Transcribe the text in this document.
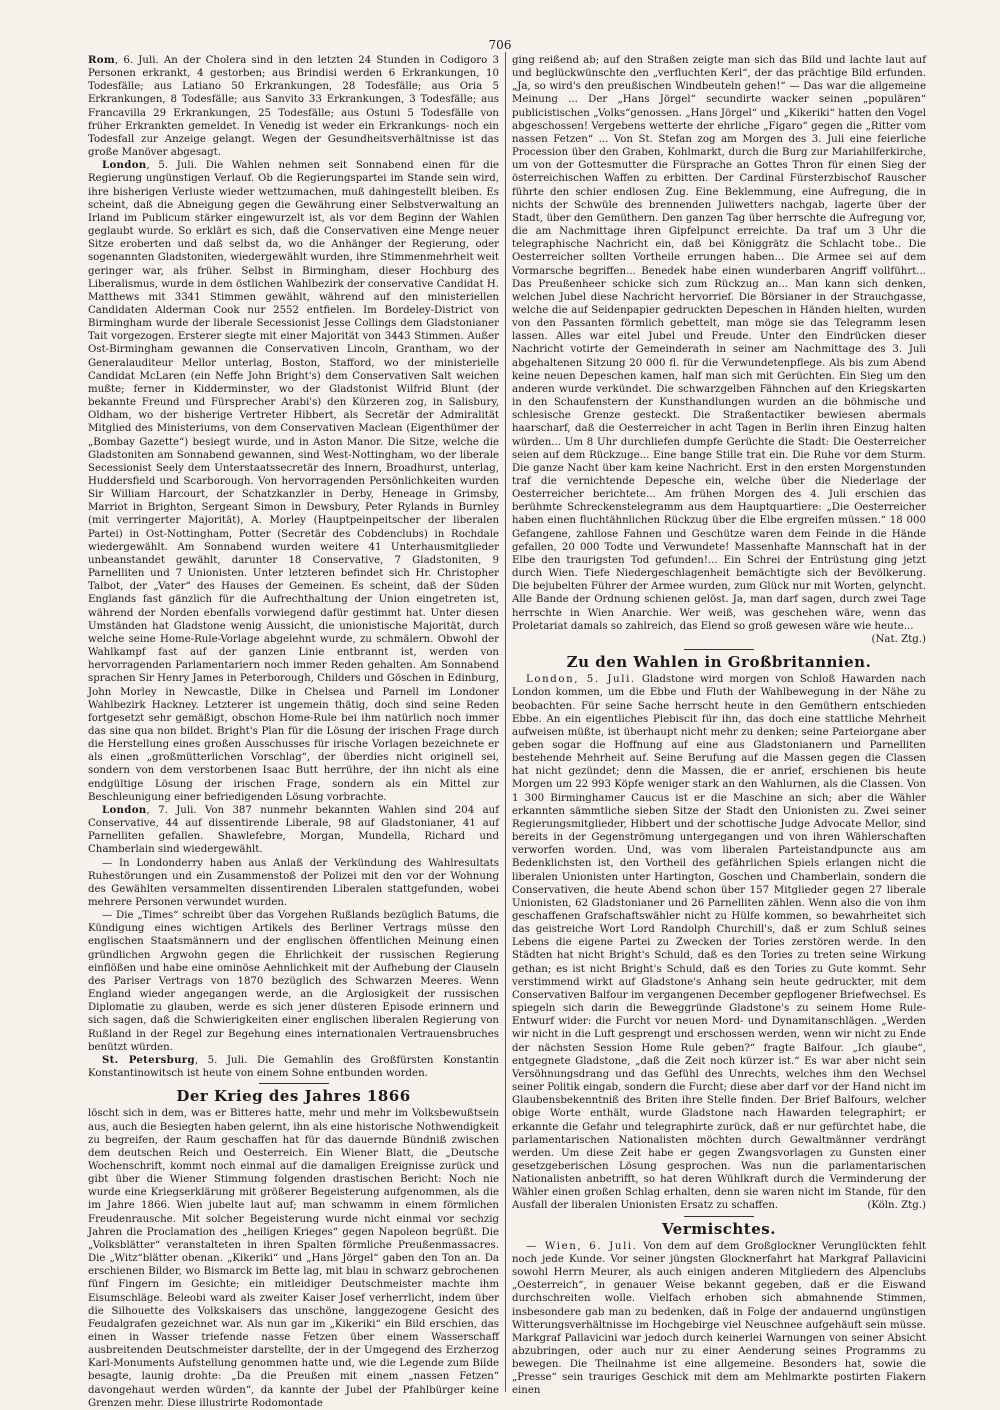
706

Rom, 6. Juli. An der Cholera sind in den letzten 24 Stunden in Codigoro 3 Personen erkrankt, 4 gestorben; aus Brindisi werden 6 Erkrankungen, 10 Todesfälle; aus Latiano 50 Erkrankungen, 28 Todesfälle; aus Oria 5 Erkrankungen, 8 Todesfälle; aus Sanvito 33 Erkrankungen, 3 Todesfälle; aus Francavilla 29 Erkrankungen, 25 Todesfälle; aus Ostuni 5 Todesfälle von früher Erkrankten gemeldet. In Venedig ist weder ein Erkrankungs- noch ein Todesfall zur Anzeige gelangt. Wegen der Gesundheitsverhältnisse ist das große Manöver abgesagt.

London, 5. Juli. Die Wahlen nehmen seit Sonnabend einen für die Regierung ungünstigen Verlauf. Ob die Regierungspartei im Stande sein wird, ihre bisherigen Verluste wieder wettzumachen, muß dahingestellt bleiben. Es scheint, daß die Abneigung gegen die Gewährung einer Selbstverwaltung an Irland im Publicum stärker eingewurzelt ist, als vor dem Beginn der Wahlen geglaubt wurde. So erklärt es sich, daß die Conservativen eine Menge neuer Sitze eroberten und daß selbst da, wo die Anhänger der Regierung, oder sogenannten Gladstoniten, wiedergewählt wurden, ihre Stimmenmehrheit weit geringer war, als früher. Selbst in Birmingham, dieser Hochburg des Liberalismus, wurde in dem östlichen Wahlbezirk der conservative Candidat H. Matthews mit 3341 Stimmen gewählt, während auf den ministeriellen Candidaten Alderman Cook nur 2552 entfielen. Im Bordeley-District von Birmingham wurde der liberale Secessionist Jesse Collings dem Gladstonianer Tait vorgezogen. Ersterer siegte mit einer Majorität von 3443 Stimmen. Außer Ost-Birmingham gewannen die Conservativen Lincoln, Grantham, wo der Generalauditeur Mellor unterlag, Boston, Stafford, wo der ministerielle Candidat McLaren (ein Neffe John Bright's) dem Conservativen Salt weichen mußte; ferner in Kidderminster, wo der Gladstonist Wilfrid Blunt (der bekannte Freund und Fürsprecher Arabi's) den Kürzeren zog, in Salisbury, Oldham, wo der bisherige Vertreter Hibbert, als Secretär der Admiralität Mitglied des Ministeriums, von dem Conservativen Maclean (Eigenthümer der „Bombay Gazette“) besiegt wurde, und in Aston Manor. Die Sitze, welche die Gladstoniten am Sonnabend gewannen, sind West-Nottingham, wo der liberale Secessionist Seely dem Unterstaatssecretär des Innern, Broadhurst, unterlag, Huddersfield und Scarborough. Von hervorragenden Persönlichkeiten wurden Sir William Harcourt, der Schatzkanzler in Derby, Heneage in Grimsby, Marriot in Brighton, Sergeant Simon in Dewsbury, Peter Rylands in Burnley (mit verringerter Majorität), A. Morley (Hauptpeinpeitscher der liberalen Partei) in Ost-Nottingham, Potter (Secretär des Cobdenclubs) in Rochdale wiedergewählt. Am Sonnabend wurden weitere 41 Unterhausmitglieder unbeanstandet gewählt, darunter 18 Conservative, 7 Gladstoniten, 9 Parnelliten und 7 Unionisten. Unter letzteren befindet sich Hr. Christopher Talbot, der „Vater“ des Hauses der Gemeinen. Es scheint, daß der Süden Englands fast gänzlich für die Aufrechthaltung der Union eingetreten ist, während der Norden ebenfalls vorwiegend dafür gestimmt hat. Unter diesen Umständen hat Gladstone wenig Aussicht, die unionistische Majorität, durch welche seine Home-Rule-Vorlage abgelehnt wurde, zu schmälern. Obwohl der Wahlkampf fast auf der ganzen Linie entbrannt ist, werden von hervorragenden Parlamentariern noch immer Reden gehalten. Am Sonnabend sprachen Sir Henry James in Peterborough, Childers und Göschen in Edinburg, John Morley in Newcastle, Dilke in Chelsea und Parnell im Londoner Wahlbezirk Hackney. Letzterer ist ungemein thätig, doch sind seine Reden fortgesetzt sehr gemäßigt, obschon Home-Rule bei ihm natürlich noch immer das sine qua non bildet. Bright's Plan für die Lösung der irischen Frage durch die Herstellung eines großen Ausschusses für irische Vorlagen bezeichnete er als einen „großmütterlichen Vorschlag“, der überdies nicht originell sei, sondern von dem verstorbenen Isaac Butt herrühre, der ihn nicht als eine endgültige Lösung der irischen Frage, sondern als ein Mittel zur Beschleunigung einer befriedigenden Lösung vorbrachte.

London, 7. Juli. Von 387 nunmehr bekannten Wahlen sind 204 auf Conservative, 44 auf dissentirende Liberale, 98 auf Gladstonianer, 41 auf Parnelliten gefallen. Shawlefebre, Morgan, Mundella, Richard und Chamberlain sind wiedergewählt.

— In Londonderry haben aus Anlaß der Verkündung des Wahlresultats Ruhestörungen und ein Zusammenstoß der Polizei mit den vor der Wohnung des Gewählten versammelten dissentirenden Liberalen stattgefunden, wobei mehrere Personen verwundet wurden.

— Die „Times“ schreibt über das Vorgehen Rußlands bezüglich Batums, die Kündigung eines wichtigen Artikels des Berliner Vertrags müsse den englischen Staatsmännern und der englischen öffentlichen Meinung einen gründlichen Argwohn gegen die Ehrlichkeit der russischen Regierung einflößen und habe eine ominöse Aehnlichkeit mit der Aufhebung der Clauseln des Pariser Vertrags von 1870 bezüglich des Schwarzen Meeres. Wenn England wieder angegangen werde, an die Arglosigkeit der russischen Diplomatie zu glauben, werde es sich jener düsteren Episode erinnern und sich sagen, daß die Schwierigkeiten einer englischen liberalen Regierung von Rußland in der Regel zur Begehung eines internationalen Vertrauensbruches benützt würden.

St. Petersburg, 5. Juli. Die Gemahlin des Großfürsten Konstantin Konstantinowitsch ist heute von einem Sohne entbunden worden.

Der Krieg des Jahres 1866

löscht sich in dem, was er Bitteres hatte, mehr und mehr im Volksbewußtsein aus, auch die Besiegten haben gelernt, ihn als eine historische Nothwendigkeit zu begreifen, der Raum geschaffen hat für das dauernde Bündniß zwischen dem deutschen Reich und Oesterreich. Ein Wiener Blatt, die „Deutsche Wochenschrift, kommt noch einmal auf die damaligen Ereignisse zurück und gibt über die Wiener Stimmung folgenden drastischen Bericht: Noch nie wurde eine Kriegserklärung mit größerer Begeisterung aufgenommen, als die im Jahre 1866. Wien jubelte laut auf; man schwamm in einem förmlichen Freudenrausche. Mit solcher Begeisterung wurde nicht einmal vor sechzig Jahren die Proclamation des „heiligen Krieges“ gegen Napoleon begrüßt. Die „Volksblätter“ veranstalteten in ihren Spalten förmliche Preußenmassacres. Die „Witz“blätter obenan. „Kikeriki“ und „Hans Jörgel“ gaben den Ton an. Da erschienen Bilder, wo Bismarck im Bette lag, mit blau in schwarz gebrochenen fünf Fingern im Gesichte; ein mitleidiger Deutschmeister machte ihm Eisumschläge. Beleobi ward als zweiter Kaiser Josef verherrlicht, indem über die Silhouette des Volkskaisers das unschöne, langgezogene Gesicht des Feudalgrafen gezeichnet war. Als nun gar im „Kikeriki“ ein Bild erschien, das einen in Wasser triefende nasse Fetzen über einem Wasserschaff ausbreitenden Deutschmeister darstellte, der in der Umgegend des Erzherzog Karl-Monuments Aufstellung genommen hatte und, wie die Legende zum Bilde besagte, launig drohte: „Da die Preußen mit einem „nassen Fetzen“ davongehaut werden würden“, da kannte der Jubel der Pfahlbürger keine Grenzen mehr. Diese illustrirte Rodomontade

ging reißend ab; auf den Straßen zeigte man sich das Bild und lachte laut auf und beglückwünschte den „verfluchten Kerl“, der das prächtige Bild erfunden. „Ja, so wird's den preußischen Windbeuteln gehen!“ — Das war die allgemeine Meinung ... Der „Hans Jörgel“ secundirte wacker seinen „populären“ publicistischen „Volks“genossen. „Hans Jörgel“ und „Kikeriki“ hatten den Vogel abgeschossen! Vergebens wetterte der ehrliche „Figaro“ gegen die „Ritter vom nassen Fetzen“ ... Von St. Stefan zog am Morgen des 3. Juli eine feierliche Procession über den Graben, Kohlmarkt, durch die Burg zur Mariahilferkirche, um von der Gottesmutter die Fürsprache an Gottes Thron für einen Sieg der österreichischen Waffen zu erbitten. Der Cardinal Fürsterzbischof Rauscher führte den schier endlosen Zug. Eine Beklemmung, eine Aufregung, die in nichts der Schwüle des brennenden Juliwetters nachgab, lagerte über der Stadt, über den Gemüthern. Den ganzen Tag über herrschte die Aufregung vor, die am Nachmittage ihren Gipfelpunct erreichte. Da traf um 3 Uhr die telegraphische Nachricht ein, daß bei Königgrätz die Schlacht tobe.. Die Oesterreicher sollten Vortheile errungen haben... Die Armee sei auf dem Vormarsche begriffen... Benedek habe einen wunderbaren Angriff vollführt... Das Preußenheer schicke sich zum Rückzug an... Man kann sich denken, welchen Jubel diese Nachricht hervorrief. Die Börsianer in der Strauchgasse, welche die auf Seidenpapier gedruckten Depeschen in Händen hielten, wurden von den Passanten förmlich gebettelt, man möge sie das Telegramm lesen lassen. Alles war eitel Jubel und Freude. Unter den Eindrücken dieser Nachricht votirte der Gemeinderath in seiner am Nachmittage des 3. Juli abgehaltenen Sitzung 20 000 fl. für die Verwundetenpflege. Als bis zum Abend keine neuen Depeschen kamen, half man sich mit Gerüchten. Ein Sieg um den anderen wurde verkündet. Die schwarzgelben Fähnchen auf den Kriegskarten in den Schaufenstern der Kunsthandlungen wurden an die böhmische und schlesische Grenze gesteckt. Die Straßentactiker bewiesen abermals haarscharf, daß die Oesterreicher in acht Tagen in Berlin ihren Einzug halten würden... Um 8 Uhr durchliefen dumpfe Gerüchte die Stadt: Die Oesterreicher seien auf dem Rückzuge... Eine bange Stille trat ein. Die Ruhe vor dem Sturm. Die ganze Nacht über kam keine Nachricht. Erst in den ersten Morgenstunden traf die vernichtende Depesche ein, welche über die Niederlage der Oesterreicher berichtete... Am frühen Morgen des 4. Juli erschien das berühmte Schreckenstelegramm aus dem Hauptquartiere: „Die Oesterreicher haben einen fluchtähnlichen Rückzug über die Elbe ergreifen müssen.“ 18 000 Gefangene, zahllose Fahnen und Geschütze waren dem Feinde in die Hände gefallen, 20 000 Todte und Verwundete! Massenhafte Mannschaft hat in der Elbe den traurigsten Tod gefunden!... Ein Schrei der Entrüstung ging jetzt durch Wien. Tiefe Niedergeschlagenheit bemächtigte sich der Bevölkerung. Die bejubelten Führer der Armee wurden, zum Glück nur mit Worten, gelyncht. Alle Bande der Ordnung schienen gelöst. Ja, man darf sagen, durch zwei Tage herrschte in Wien Anarchie. Wer weiß, was geschehen wäre, wenn das Proletariat damals so zahlreich, das Elend so groß gewesen wäre wie heute...
(Nat. Ztg.)

Zu den Wahlen in Großbritannien.

London, 5. Juli. Gladstone wird morgen von Schloß Hawarden nach London kommen, um die Ebbe und Fluth der Wahlbewegung in der Nähe zu beobachten. Für seine Sache herrscht heute in den Gemüthern entschieden Ebbe. An ein eigentliches Plebiscit für ihn, das doch eine stattliche Mehrheit aufweisen müßte, ist überhaupt nicht mehr zu denken; seine Parteiorgane aber geben sogar die Hoffnung auf eine aus Gladstonianern und Parnelliten bestehende Mehrheit auf. Seine Berufung auf die Massen gegen die Classen hat nicht gezündet; denn die Massen, die er anrief, erschienen bis heute Morgen um 22 993 Köpfe weniger stark an den Wahlurnen, als die Classen. Von 1 300 Birminghamer Caucus ist er die Maschine an sich; aber die Wähler erkannten sämmtliche sieben Sitze der Stadt den Unionisten zu. Zwei seiner Regierungsmitglieder, Hibbert und der schottische Judge Advocate Mellor, sind bereits in der Gegenströmung untergegangen und von ihren Wählerschaften verworfen worden. Und, was vom liberalen Parteistandpuncte aus am Bedenklichsten ist, den Vortheil des gefährlichen Spiels erlangen nicht die liberalen Unionisten unter Hartington, Goschen und Chamberlain, sondern die Conservativen, die heute Abend schon über 157 Mitglieder gegen 27 liberale Unionisten, 62 Gladstonianer und 26 Parnelliten zählen. Wenn also die von ihm geschaffenen Grafschaftswähler nicht zu Hülfe kommen, so bewahrheitet sich das geistreiche Wort Lord Randolph Churchill's, daß er zum Schluß seines Lebens die eigene Partei zu Zwecken der Tories zerstören werde. In den Städten hat nicht Bright's Schuld, daß es den Tories zu treten seine Wirkung gethan; es ist nicht Bright's Schuld, daß es den Tories zu Gute kommt. Sehr verstimmend wirkt auf Gladstone's Anhang sein heute gedruckter, mit dem Conservativen Balfour im vergangenen December gepflogener Briefwechsel. Es spiegeln sich darin die Beweggründe Gladstone's zu seinem Home Rule-Entwurf wider: die Furcht vor neuen Mord- und Dynamitanschlägen. „Werden wir nicht in die Luft gesprengt und erschossen werden, wenn wir nicht zu Ende der nächsten Session Home Rule geben?“ fragte Balfour. „Ich glaube“, entgegnete Gladstone, „daß die Zeit noch kürzer ist.“ Es war aber nicht sein Versöhnungsdrang und das Gefühl des Unrechts, welches ihm den Wechsel seiner Politik eingab, sondern die Furcht; diese aber darf vor der Hand nicht im Glaubensbekenntniß des Briten ihre Stelle finden. Der Brief Balfours, welcher obige Worte enthält, wurde Gladstone nach Hawarden telegraphirt; er erkannte die Gefahr und telegraphirte zurück, daß er nur gefürchtet habe, die parlamentarischen Nationalisten möchten durch Gewaltmänner verdrängt werden. Um diese Zeit habe er gegen Zwangsvorlagen zu Gunsten einer gesetzgeberischen Lösung gesprochen. Was nun die parlamentarischen Nationalisten anbetrifft, so hat deren Wühlkraft durch die Verminderung der Wähler einen großen Schlag erhalten, denn sie waren nicht im Stande, für den Ausfall der liberalen Unionisten Ersatz zu schaffen.	(Köln. Ztg.)

Vermischtes.

— Wien, 6. Juli. Von dem auf dem Großglockner Verunglückten fehlt noch jede Kunde. Vor seiner jüngsten Glocknerfahrt hat Markgraf Pallavicini sowohl Herrn Meurer, als auch einigen anderen Mitgliedern des Alpenclubs „Oesterreich“, in genauer Weise bekannt gegeben, daß er die Eiswand durchschreiten wolle. Vielfach erhoben sich abmahnende Stimmen, insbesondere gab man zu bedenken, daß in Folge der andauernd ungünstigen Witterungsverhältnisse im Hochgebirge viel Neuschnee aufgehäuft sein müsse. Markgraf Pallavicini war jedoch durch keinerlei Warnungen von seiner Absicht abzubringen, oder auch nur zu einer Aenderung seines Programms zu bewegen. Die Theilnahme ist eine allgemeine. Besonders hat, sowie die „Presse“ sein trauriges Geschick mit dem am Mehlmarkte postirten Fiakern einen
